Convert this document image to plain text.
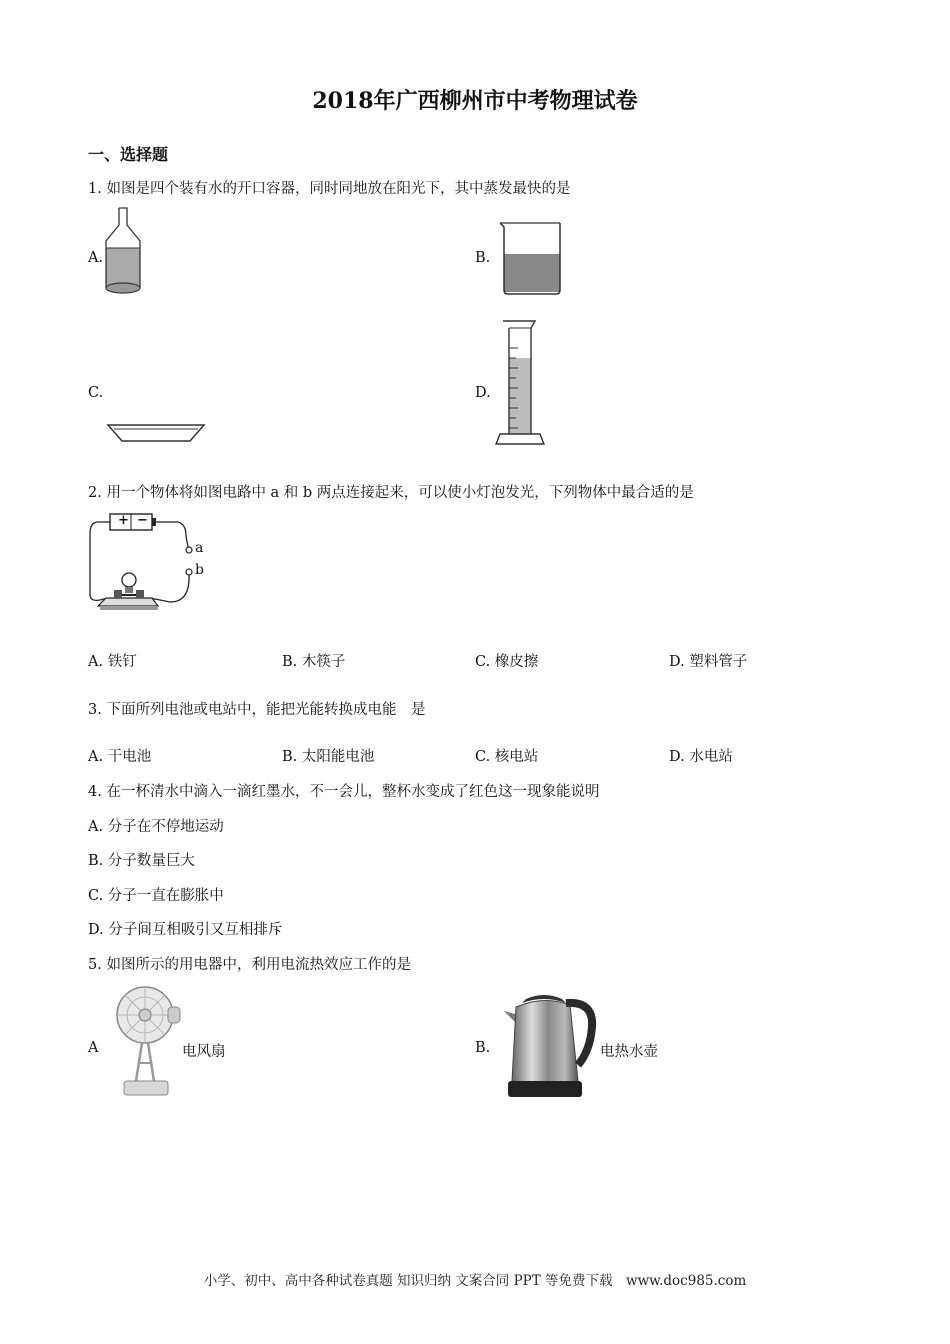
2018年广西柳州市中考物理试卷
一、选择题
1. 如图是四个装有水的开口容器，同时同地放在阳光下，其中蒸发最快的是
A.	B.
C.	D.
2. 用一个物体将如图电路中 a 和 b 两点连接起来，可以使小灯泡发光，下列物体中最合适的是
+ −
a
b
A. 铁钉	B. 木筷子	C. 橡皮擦	D. 塑料管子
3. 下面所列电池或电站中，能把光能转换成电能　是
A. 干电池	B. 太阳能电池	C. 核电站	D. 水电站
4. 在一杯清水中滴入一滴红墨水，不一会儿，整杯水变成了红色这一现象能说明
A. 分子在不停地运动
B. 分子数量巨大
C. 分子一直在膨胀中
D. 分子间互相吸引又互相排斥
5. 如图所示的用电器中，利用电流热效应工作的是
A	电风扇	B.	电热水壶
小学、初中、高中各种试卷真题 知识归纳 文案合同 PPT 等免费下载　www.doc985.com
